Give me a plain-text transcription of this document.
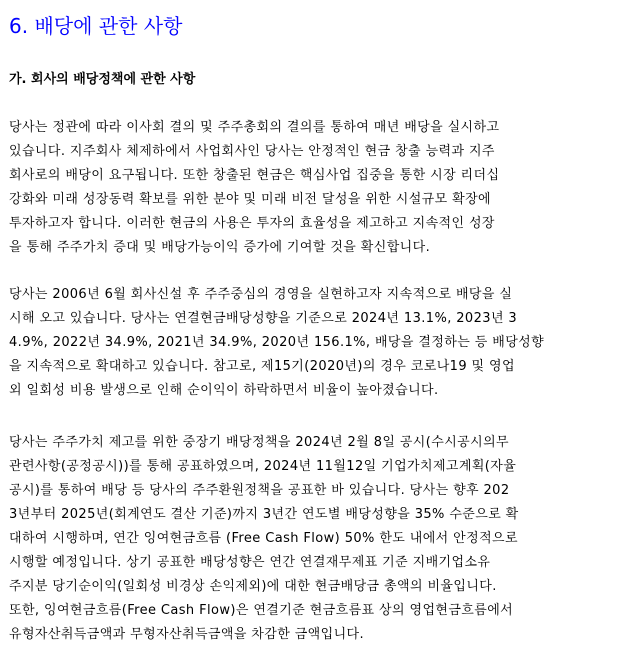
6. 배당에 관한 사항
가. 회사의 배당정책에 관한 사항
당사는 정관에 따라 이사회 결의 및 주주총회의 결의를 통하여 매년 배당을 실시하고
있습니다. 지주회사 체제하에서 사업회사인 당사는 안정적인 현금 창출 능력과 지주
회사로의 배당이 요구됩니다. 또한 창출된 현금은 핵심사업 집중을 통한 시장 리더십
강화와 미래 성장동력 확보를 위한 분야 및 미래 비전 달성을 위한 시설규모 확장에
투자하고자 합니다. 이러한 현금의 사용은 투자의 효율성을 제고하고 지속적인 성장
을 통해 주주가치 증대 및 배당가능이익 증가에 기여할 것을 확신합니다.
당사는 2006년 6월 회사신설 후 주주중심의 경영을 실현하고자 지속적으로 배당을 실
시해 오고 있습니다. 당사는 연결현금배당성향을 기준으로 2024년 13.1%, 2023년 3
4.9%, 2022년 34.9%, 2021년 34.9%, 2020년 156.1%, 배당을 결정하는 등 배당성향
을 지속적으로 확대하고 있습니다. 참고로, 제15기(2020년)의 경우 코로나19 및 영업
외 일회성 비용 발생으로 인해 순이익이 하락하면서 비율이 높아졌습니다.
당사는 주주가치 제고를 위한 중장기 배당정책을 2024년 2월 8일 공시(수시공시의무
관련사항(공정공시))를 통해 공표하였으며, 2024년 11월12일 기업가치제고계획(자율
공시)를 통하여 배당 등 당사의 주주환원정책을 공표한 바 있습니다. 당사는 향후 202
3년부터 2025년(회계연도 결산 기준)까지 3년간 연도별 배당성향을 35% 수준으로 확
대하여 시행하며, 연간 잉여현금흐름 (Free Cash Flow) 50% 한도 내에서 안정적으로
시행할 예정입니다. 상기 공표한 배당성향은 연간 연결재무제표 기준 지배기업소유
주지분 당기순이익(일회성 비경상 손익제외)에 대한 현금배당금 총액의 비율입니다.
또한, 잉여현금흐름(Free Cash Flow)은 연결기준 현금흐름표 상의 영업현금흐름에서
유형자산취득금액과 무형자산취득금액을 차감한 금액입니다.
